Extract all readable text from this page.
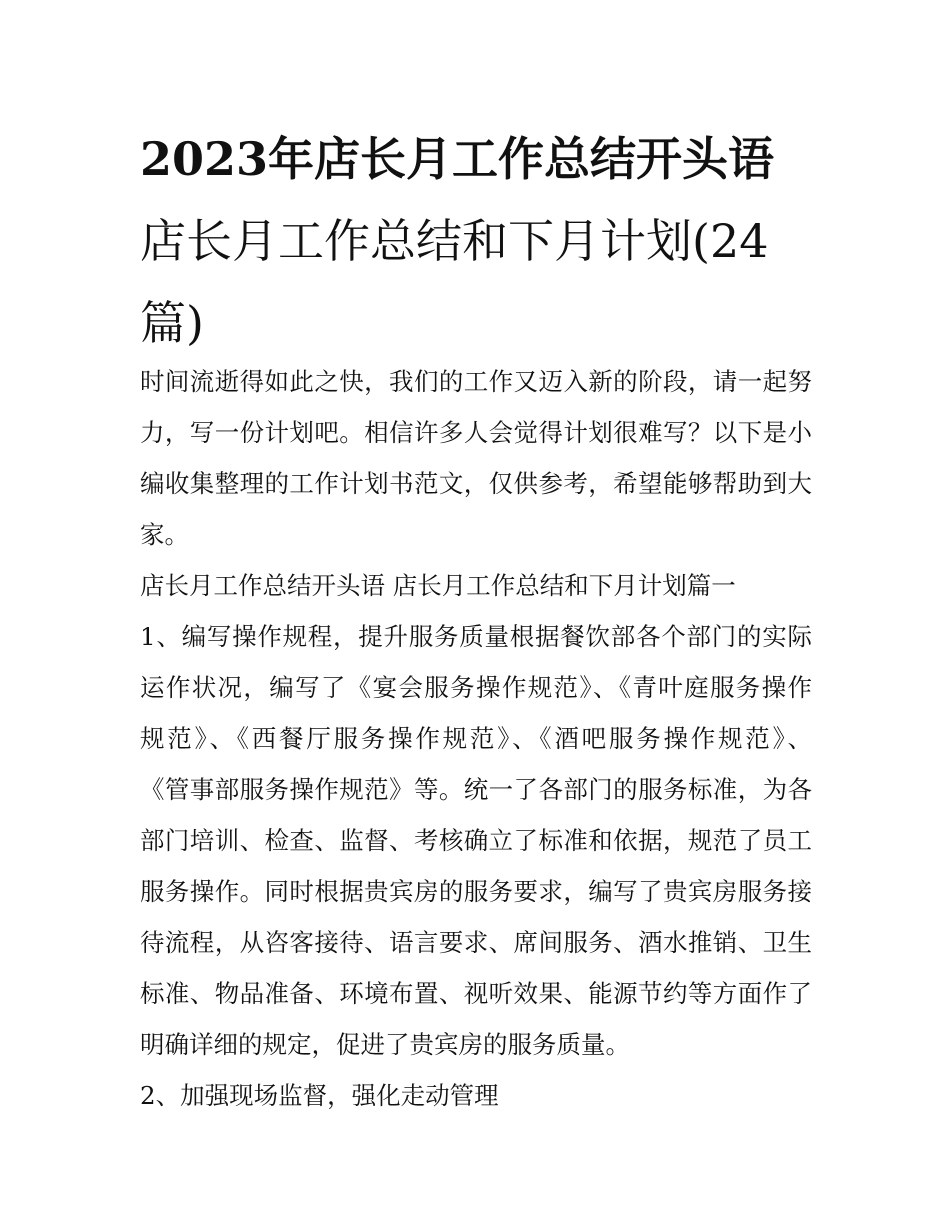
2023年店长月工作总结开头语
店长月工作总结和下月计划(24
篇)
时间流逝得如此之快，我们的工作又迈入新的阶段，请一起努
力，写一份计划吧。相信许多人会觉得计划很难写？以下是小
编收集整理的工作计划书范文，仅供参考，希望能够帮助到大
家。
店长月工作总结开头语 店长月工作总结和下月计划篇一
1、编写操作规程，提升服务质量根据餐饮部各个部门的实际
运作状况，编写了《宴会服务操作规范》、《青叶庭服务操作
规范》、《西餐厅服务操作规范》、《酒吧服务操作规范》、
《管事部服务操作规范》等。统一了各部门的服务标准，为各
部门培训、检查、监督、考核确立了标准和依据，规范了员工
服务操作。同时根据贵宾房的服务要求，编写了贵宾房服务接
待流程，从咨客接待、语言要求、席间服务、酒水推销、卫生
标准、物品准备、环境布置、视听效果、能源节约等方面作了
明确详细的规定，促进了贵宾房的服务质量。
2、加强现场监督，强化走动管理
